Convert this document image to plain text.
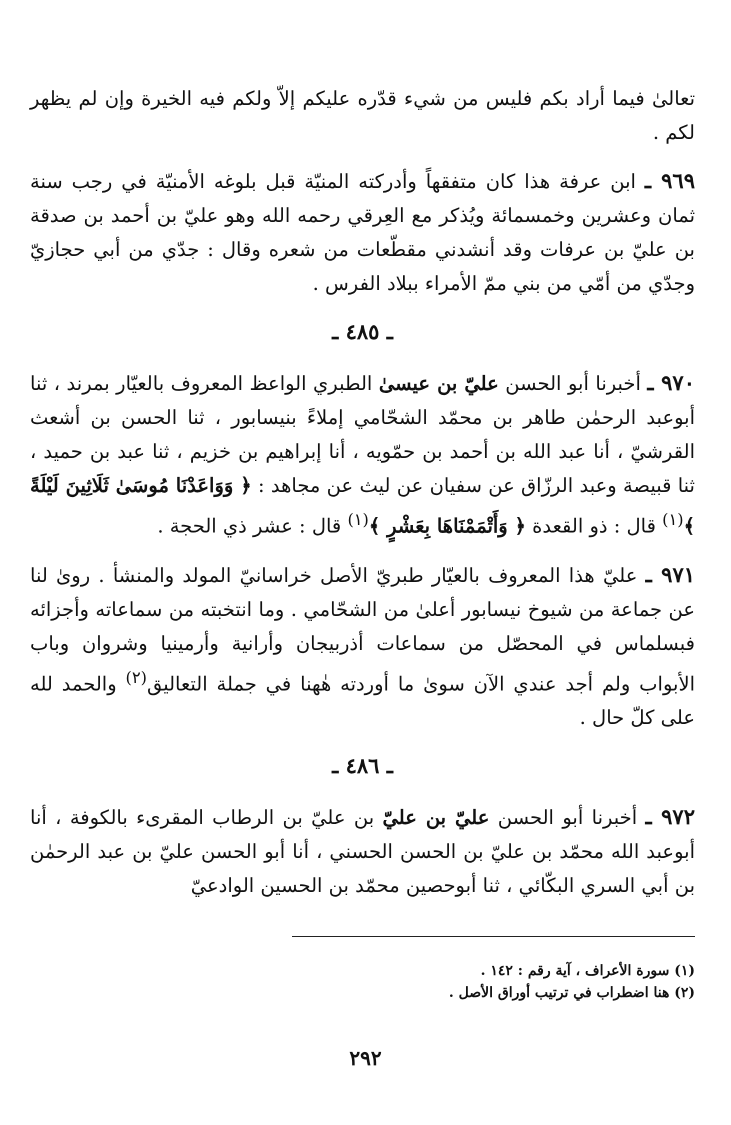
تعالىٰ فيما أراد بكم فليس من شيء قدّره عليكم إلاّ ولكم فيه الخيرة وإن لم يظهر لكم .

٩٦٩ ـ ابن عرفة هذا كان متفقهاً وأدركته المنيّة قبل بلوغه الأمنيّة في رجب سنة ثمان وعشرين وخمسمائة ويُذكر مع العِرقي رحمه الله وهو عليّ بن أحمد بن صدقة بن عليّ بن عرفات وقد أنشدني مقطّعات من شعره وقال : جدّي من أبي حجازيّ وجدّي من أمّي من بني ممّ الأمراء ببلاد الفرس .

ـ ٤٨٥ ـ

٩٧٠ ـ أخبرنا أبو الحسن عليّ بن عيسىٰ الطبري الواعظ المعروف بالعيّار بمرند ، ثنا أبوعبد الرحمٰن طاهر بن محمّد الشحّامي إملاءً بنيسابور ، ثنا الحسن بن أشعث القرشيّ ، أنا عبد الله بن أحمد بن حمّويه ، أنا إبراهيم بن خزيم ، ثنا عبد بن حميد ، ثنا قبيصة وعبد الرزّاق عن سفيان عن ليث عن مجاهد : ﴿ وَوَاعَدْنَا مُوسَىٰ ثَلَاثِينَ لَيْلَةً ﴾$^{(١)}$ قال : ذو القعدة ﴿ وَأَتْمَمْنَاهَا بِعَشْرٍ ﴾$^{(١)}$ قال : عشر ذي الحجة .

٩٧١ ـ عليّ هذا المعروف بالعيّار طبريّ الأصل خراسانيّ المولد والمنشأ . روىٰ لنا عن جماعة من شيوخ نيسابور أعلىٰ من الشحّامي . وما انتخبته من سماعاته وأجزائه فبسلماس في المحصّل من سماعات أذربيجان وأرانية وأرمينيا وشروان وباب الأبواب ولم أجد عندي الآن سوىٰ ما أوردته هٰهنا في جملة التعاليق$^{(٢)}$ والحمد لله على كلّ حال .

ـ ٤٨٦ ـ

٩٧٢ ـ أخبرنا أبو الحسن عليّ بن عليّ بن عليّ بن الرطاب المقرىء بالكوفة ، أنا أبوعبد الله محمّد بن عليّ بن الحسن الحسني ، أنا أبو الحسن عليّ بن عبد الرحمٰن بن أبي السري البكّائي ، ثنا أبوحصين محمّد بن الحسين الوادعيّ

(١) سورة الأعراف ، آية رقم : ١٤٢ .
(٢) هنا اضطراب في ترتيب أوراق الأصل .
٢٩٢
